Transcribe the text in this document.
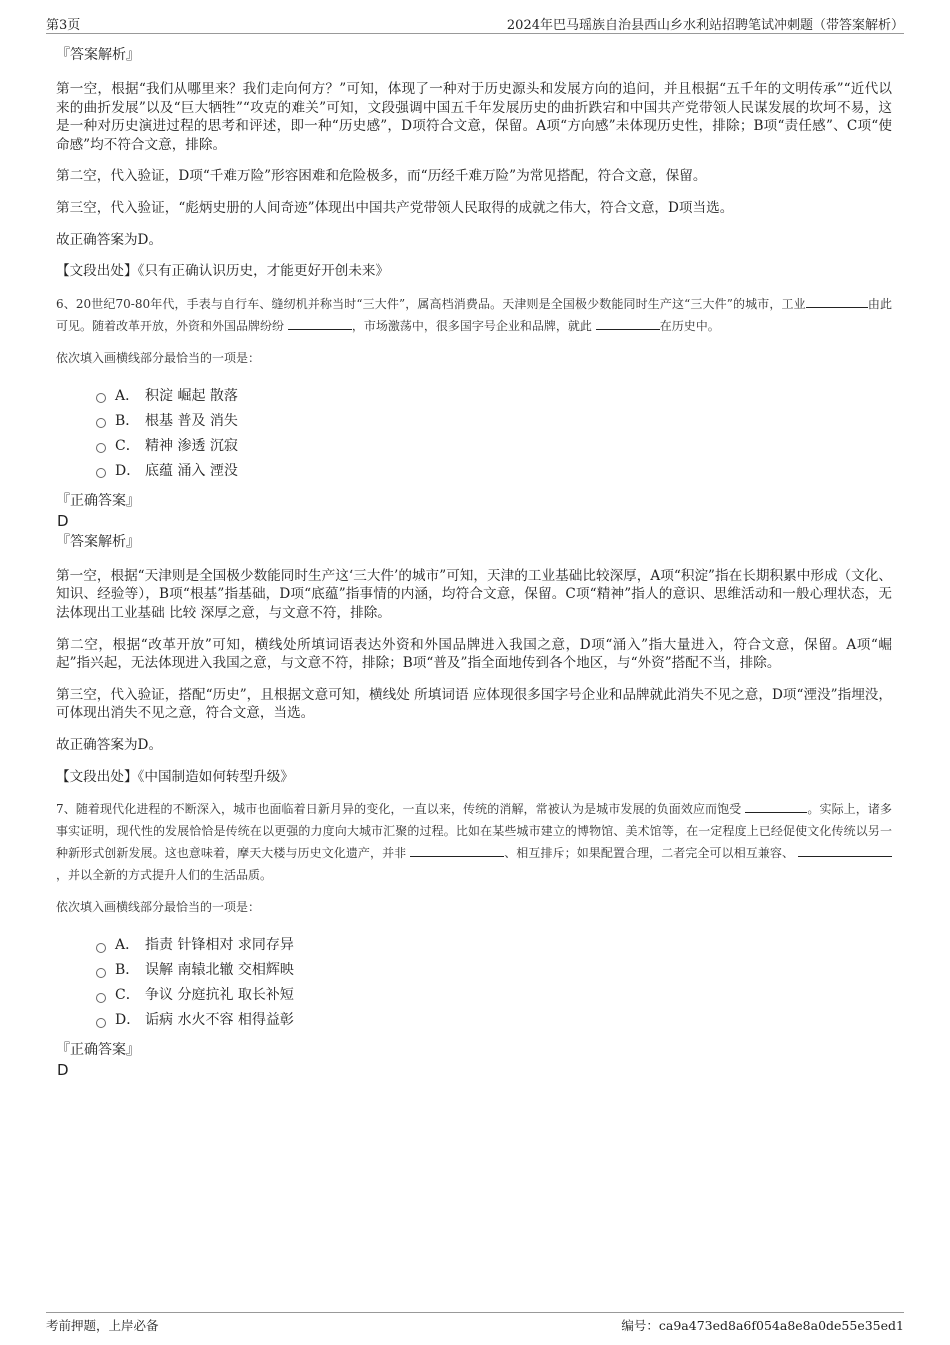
第3页	2024年巴马瑶族自治县西山乡水利站招聘笔试冲刺题（带答案解析）
『答案解析』

第一空，根据“我们从哪里来？我们走向何方？”可知，体现了一种对于历史源头和发展方向的追问，并且根据“五千年的文明传承”“近代以来的曲折发展”以及“巨大牺牲”“攻克的难关”可知，文段强调中国五千年发展历史的曲折跌宕和中国共产党带领人民谋发展的坎坷不易，这是一种对历史演进过程的思考和评述，即一种“历史感”，D项符合文意，保留。A项“方向感”未体现历史性，排除；B项“责任感”、C项“使命感”均不符合文意，排除。

第二空，代入验证，D项“千难万险”形容困难和危险极多，而“历经千难万险”为常见搭配，符合文意，保留。

第三空，代入验证，“彪炳史册的人间奇迹”体现出中国共产党带领人民取得的成就之伟大，符合文意，D项当选。

故正确答案为D。

【文段出处】《只有正确认识历史，才能更好开创未来》

6、20世纪70-80年代，手表与自行车、缝纫机并称当时“三大件”，属高档消费品。天津则是全国极少数能同时生产这“三大件”的城市，工业	由此可见。随着改革开放，外资和外国品牌纷纷	，市场激荡中，很多国字号企业和品牌，就此	在历史中。

依次填入画横线部分最恰当的一项是：

A． 积淀 崛起 散落
B． 根基 普及 消失
C． 精神 渗透 沉寂
D． 底蕴 涌入 湮没
『正确答案』
D
『答案解析』

第一空，根据“天津则是全国极少数能同时生产这‘三大件’的城市”可知，天津的工业基础比较深厚，A项“积淀”指在长期积累中形成（文化、知识、经验等），B项“根基”指基础，D项“底蕴”指事情的内涵，均符合文意，保留。C项“精神”指人的意识、思维活动和一般心理状态，无法体现出工业基础 比较 深厚之意，与文意不符，排除。

第二空，根据“改革开放”可知，横线处所填词语表达外资和外国品牌进入我国之意，D项“涌入”指大量进入，符合文意，保留。A项“崛起”指兴起，无法体现进入我国之意，与文意不符，排除；B项“普及”指全面地传到各个地区，与“外资”搭配不当，排除。

第三空，代入验证，搭配“历史”，且根据文意可知，横线处 所填词语 应体现很多国字号企业和品牌就此消失不见之意，D项“湮没”指埋没，可体现出消失不见之意，符合文意，当选。

故正确答案为D。

【文段出处】《中国制造如何转型升级》

7、随着现代化进程的不断深入，城市也面临着日新月异的变化，一直以来，传统的消解，常被认为是城市发展的负面效应而饱受	。实际上，诸多事实证明，现代性的发展恰恰是传统在以更强的力度向大城市汇聚的过程。比如在某些城市建立的博物馆、美术馆等，在一定程度上已经促使文化传统以另一种新形式创新发展。这也意味着，摩天大楼与历史文化遗产，并非	、相互排斥；如果配置合理，二者完全可以相互兼容、 ，并以全新的方式提升人们的生活品质。

依次填入画横线部分最恰当的一项是：

A． 指责 针锋相对 求同存异
B． 误解 南辕北辙 交相辉映
C． 争议 分庭抗礼 取长补短
D． 诟病 水火不容 相得益彰
『正确答案』
D
考前押题，上岸必备	编号：ca9a473ed8a6f054a8e8a0de55e35ed1
